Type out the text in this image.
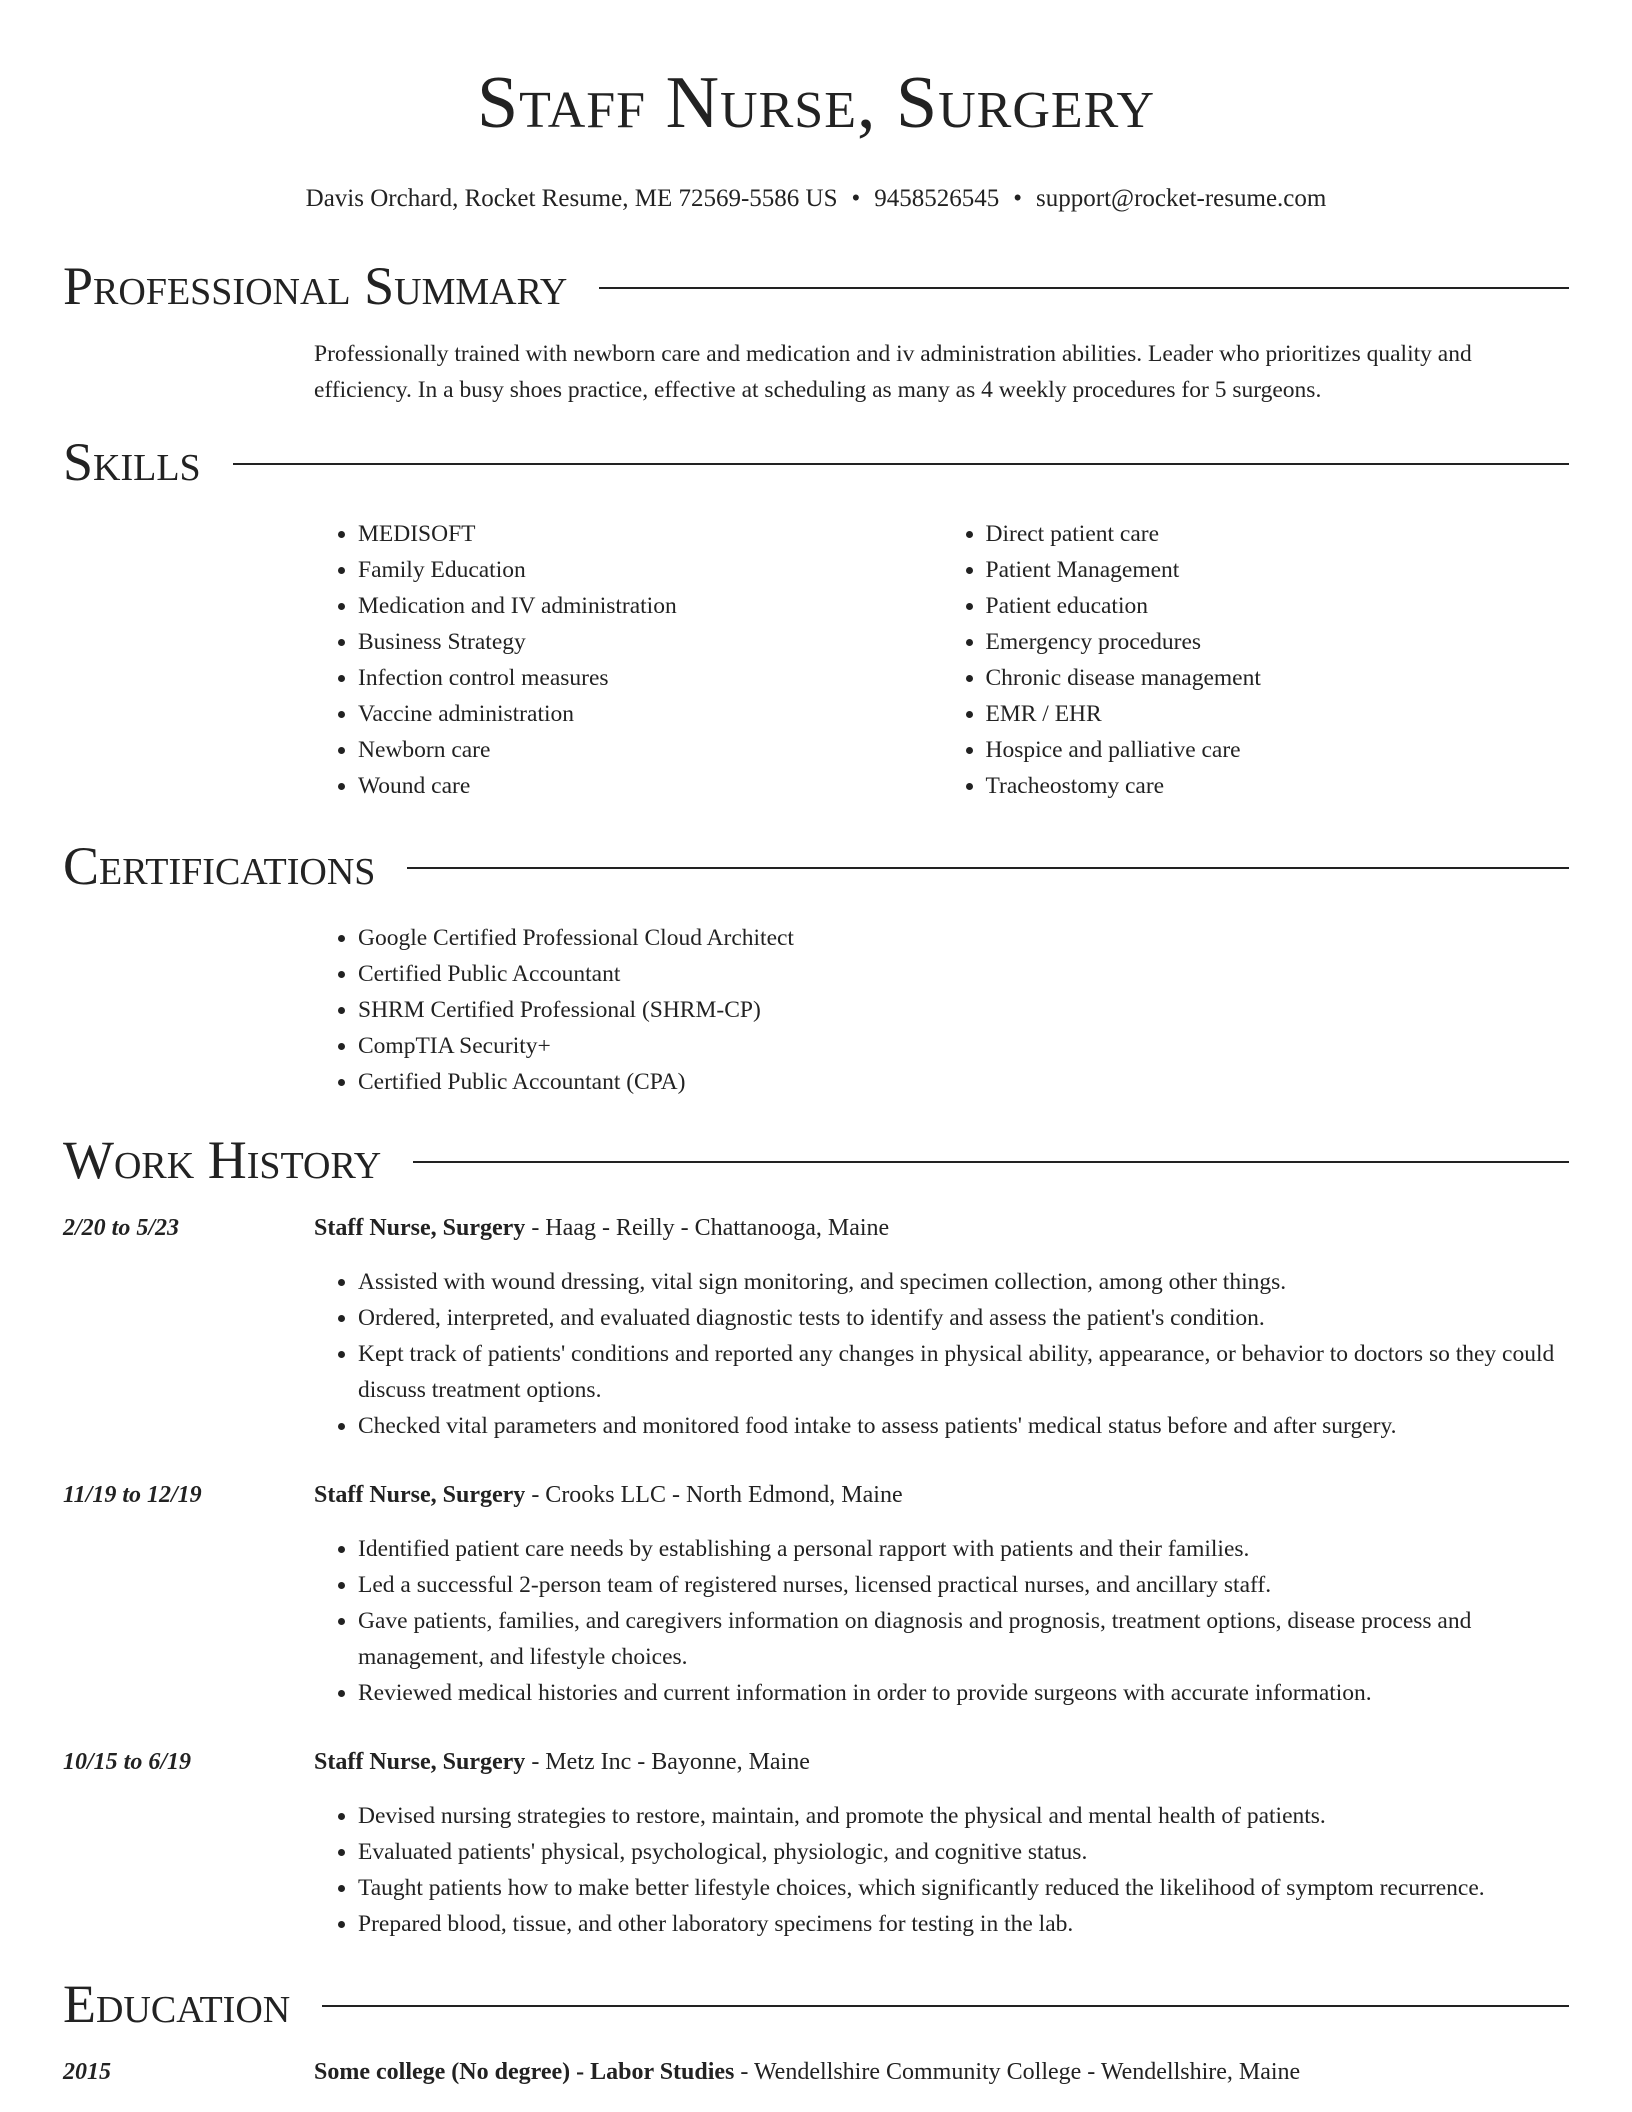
Staff Nurse, Surgery
Davis Orchard, Rocket Resume, ME 72569-5586 US • 9458526545 • support@rocket-resume.com
Professional Summary
Professionally trained with newborn care and medication and iv administration abilities. Leader who prioritizes quality and efficiency. In a busy shoes practice, effective at scheduling as many as 4 weekly procedures for 5 surgeons.
Skills
• MEDISOFT
• Family Education
• Medication and IV administration
• Business Strategy
• Infection control measures
• Vaccine administration
• Newborn care
• Wound care
• Direct patient care
• Patient Management
• Patient education
• Emergency procedures
• Chronic disease management
• EMR / EHR
• Hospice and palliative care
• Tracheostomy care
Certifications
• Google Certified Professional Cloud Architect
• Certified Public Accountant
• SHRM Certified Professional (SHRM-CP)
• CompTIA Security+
• Certified Public Accountant (CPA)
Work History
2/20 to 5/23	Staff Nurse, Surgery - Haag - Reilly - Chattanooga, Maine
• Assisted with wound dressing, vital sign monitoring, and specimen collection, among other things.
• Ordered, interpreted, and evaluated diagnostic tests to identify and assess the patient's condition.
• Kept track of patients' conditions and reported any changes in physical ability, appearance, or behavior to doctors so they could discuss treatment options.
• Checked vital parameters and monitored food intake to assess patients' medical status before and after surgery.
11/19 to 12/19	Staff Nurse, Surgery - Crooks LLC - North Edmond, Maine
• Identified patient care needs by establishing a personal rapport with patients and their families.
• Led a successful 2-person team of registered nurses, licensed practical nurses, and ancillary staff.
• Gave patients, families, and caregivers information on diagnosis and prognosis, treatment options, disease process and management, and lifestyle choices.
• Reviewed medical histories and current information in order to provide surgeons with accurate information.
10/15 to 6/19	Staff Nurse, Surgery - Metz Inc - Bayonne, Maine
• Devised nursing strategies to restore, maintain, and promote the physical and mental health of patients.
• Evaluated patients' physical, psychological, physiologic, and cognitive status.
• Taught patients how to make better lifestyle choices, which significantly reduced the likelihood of symptom recurrence.
• Prepared blood, tissue, and other laboratory specimens for testing in the lab.
Education
2015	Some college (No degree) - Labor Studies - Wendellshire Community College - Wendellshire, Maine
